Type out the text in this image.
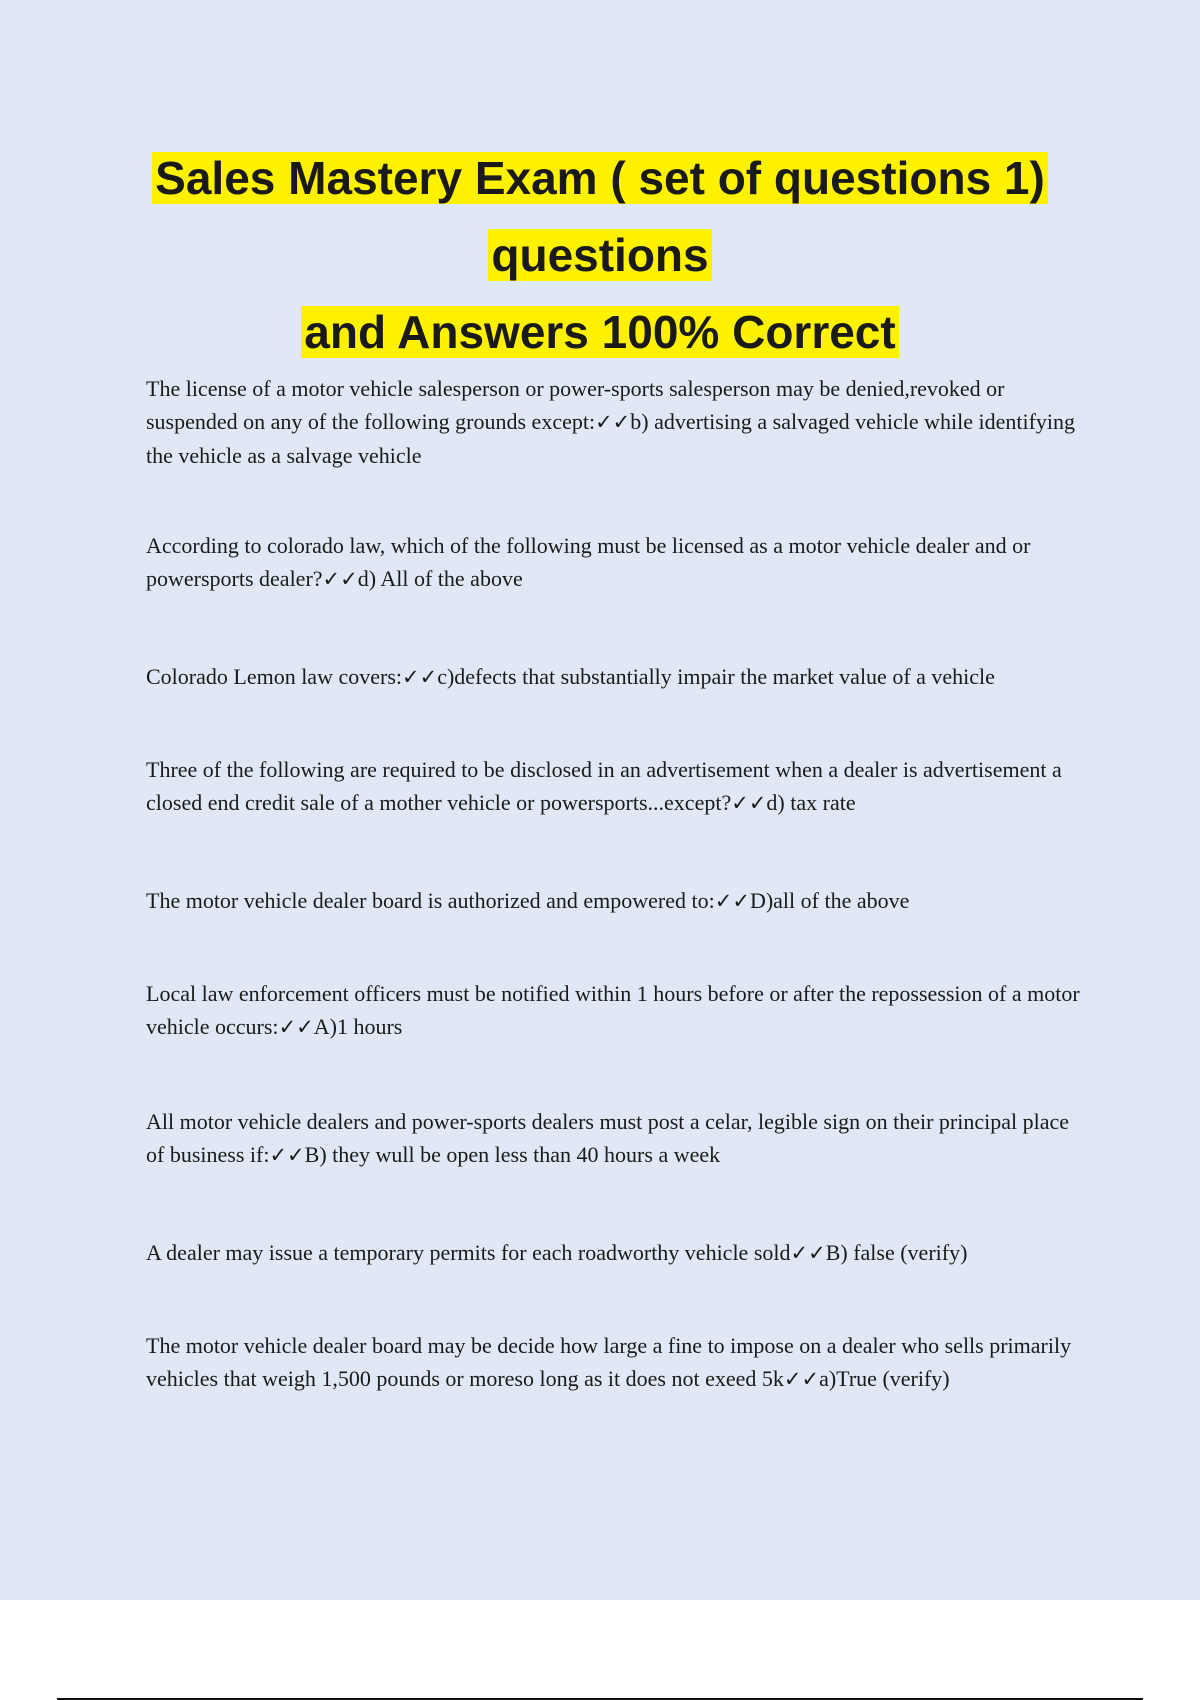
Sales Mastery Exam ( set of questions 1)
questions
and Answers 100% Correct

The license of a motor vehicle salesperson or power-sports salesperson may be denied,revoked or suspended on any of the following grounds except:✓✓b) advertising a salvaged vehicle while identifying the vehicle as a salvage vehicle

According to colorado law, which of the following must be licensed as a motor vehicle dealer and or powersports dealer?✓✓d) All of the above

Colorado Lemon law covers:✓✓c)defects that substantially impair the market value of a vehicle

Three of the following are required to be disclosed in an advertisement when a dealer is advertisement a closed end credit sale of a mother vehicle or powersports...except?✓✓d) tax rate

The motor vehicle dealer board is authorized and empowered to:✓✓D)all of the above

Local law enforcement officers must be notified within 1 hours before or after the repossession of a motor vehicle occurs:✓✓A)1 hours

All motor vehicle dealers and power-sports dealers must post a celar, legible sign on their principal place of business if:✓✓B) they wull be open less than 40 hours a week

A dealer may issue a temporary permits for each roadworthy vehicle sold✓✓B) false (verify)

The motor vehicle dealer board may be decide how large a fine to impose on a dealer who sells primarily vehicles that weigh 1,500 pounds or moreso long as it does not exeed 5k✓✓a)True (verify)
